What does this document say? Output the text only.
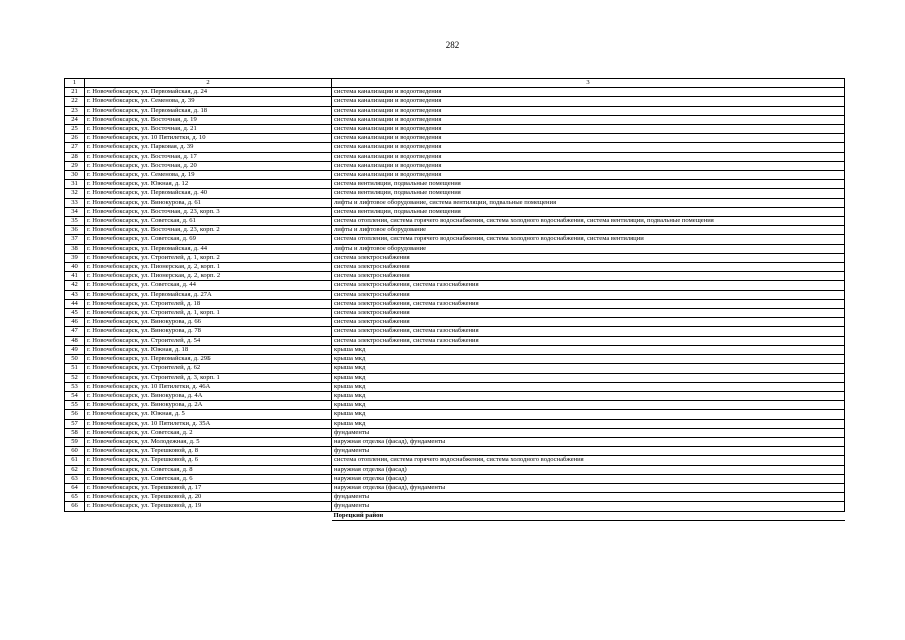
282
1	2	3
21	г. Новочебоксарск, ул. Первомайская, д. 24	система канализации и водоотведения
22	г. Новочебоксарск, ул. Семенова, д. 39	система канализации и водоотведения
23	г. Новочебоксарск, ул. Первомайская, д. 18	система канализации и водоотведения
24	г. Новочебоксарск, ул. Восточная, д. 19	система канализации и водоотведения
25	г. Новочебоксарск, ул. Восточная, д. 21	система канализации и водоотведения
26	г. Новочебоксарск, ул. 10 Пятилетки, д. 10	система канализации и водоотведения
27	г. Новочебоксарск, ул. Парковая, д. 39	система канализации и водоотведения
28	г. Новочебоксарск, ул. Восточная, д. 17	система канализации и водоотведения
29	г. Новочебоксарск, ул. Восточная, д. 20	система канализации и водоотведения
30	г. Новочебоксарск, ул. Семенова, д. 19	система канализации и водоотведения
31	г. Новочебоксарск, ул. Южная, д. 12	система вентиляции, подвальные помещения
32	г. Новочебоксарск, ул. Первомайская, д. 40	система вентиляции, подвальные помещения
33	г. Новочебоксарск, ул. Винокурова, д. 61	лифты и лифтовое оборудование, система вентиляции, подвальные помещения
34	г. Новочебоксарск, ул. Восточная, д. 23, корп. 3	система вентиляции, подвальные помещения
35	г. Новочебоксарск, ул. Советская, д. 61	система отопления, система горячего водоснабжения, система холодного водоснабжения, система вентиляции, подвальные помещения
36	г. Новочебоксарск, ул. Восточная, д. 23, корп. 2	лифты и лифтовое оборудование
37	г. Новочебоксарск, ул. Советская, д. 69	система отопления, система горячего водоснабжения, система холодного водоснабжения, система вентиляции
38	г. Новочебоксарск, ул. Первомайская, д. 44	лифты и лифтовое оборудование
39	г. Новочебоксарск, ул. Строителей, д. 1, корп. 2	система электроснабжения
40	г. Новочебоксарск, ул. Пионерская, д. 2, корп. 1	система электроснабжения
41	г. Новочебоксарск, ул. Пионерская, д. 2, корп. 2	система электроснабжения
42	г. Новочебоксарск, ул. Советская, д. 44	система электроснабжения, система газоснабжения
43	г. Новочебоксарск, ул. Первомайская, д. 27А	система электроснабжения
44	г. Новочебоксарск, ул. Строителей, д. 18	система электроснабжения, система газоснабжения
45	г. Новочебоксарск, ул. Строителей, д. 1, корп. 1	система электроснабжения
46	г. Новочебоксарск, ул. Винокурова, д. 66	система электроснабжения
47	г. Новочебоксарск, ул. Винокурова, д. 78	система электроснабжения, система газоснабжения
48	г. Новочебоксарск, ул. Строителей, д. 54	система электроснабжения, система газоснабжения
49	г. Новочебоксарск, ул. Южная, д. 18	крыша мкд
50	г. Новочебоксарск, ул. Первомайская, д. 29Б	крыша мкд
51	г. Новочебоксарск, ул. Строителей, д. 62	крыша мкд
52	г. Новочебоксарск, ул. Строителей, д. 3, корп. 1	крыша мкд
53	г. Новочебоксарск, ул. 10 Пятилетки, д. 46А	крыша мкд
54	г. Новочебоксарск, ул. Винокурова, д. 4А	крыша мкд
55	г. Новочебоксарск, ул. Винокурова, д. 2А	крыша мкд
56	г. Новочебоксарск, ул. Южная, д. 5	крыша мкд
57	г. Новочебоксарск, ул. 10 Пятилетки, д. 35А	крыша мкд
58	г. Новочебоксарск, ул. Советская, д. 2	фундаменты
59	г. Новочебоксарск, ул. Молодежная, д. 5	наружная отделка (фасад), фундаменты
60	г. Новочебоксарск, ул. Терешковой, д. 8	фундаменты
61	г. Новочебоксарск, ул. Терешковой, д. 6	система отопления, система горячего водоснабжения, система холодного водоснабжения
62	г. Новочебоксарск, ул. Советская, д. 8	наружная отделка (фасад)
63	г. Новочебоксарск, ул. Советская, д. 6	наружная отделка (фасад)
64	г. Новочебоксарск, ул. Терешковой, д. 17	наружная отделка (фасад), фундаменты
65	г. Новочебоксарск, ул. Терешковой, д. 20	фундаменты
66	г. Новочебоксарск, ул. Терешковой, д. 19	фундаменты
		Порецкий район
